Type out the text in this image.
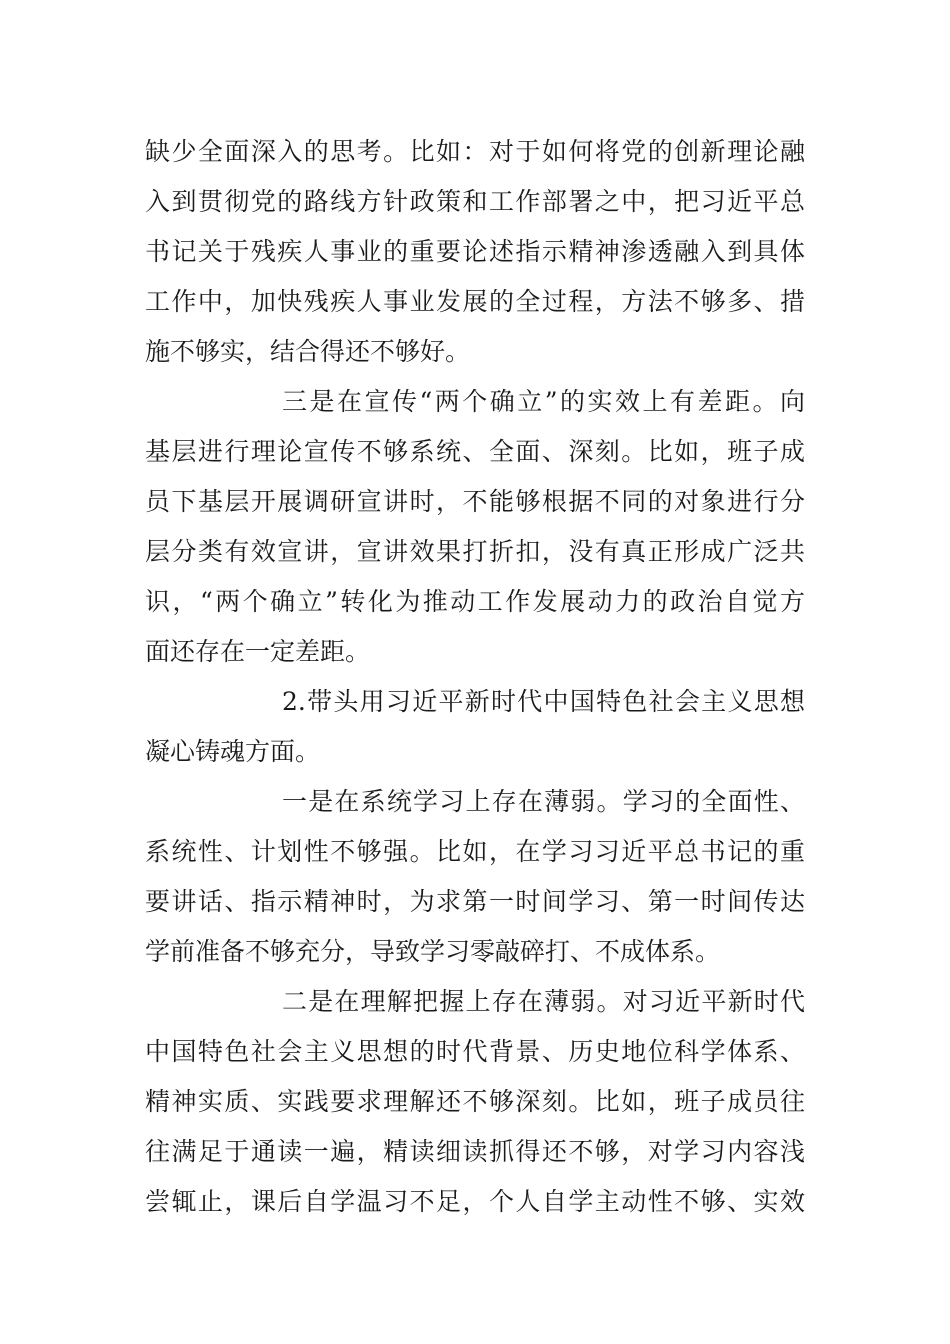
缺少全面深入的思考。比如：对于如何将党的创新理论融
入到贯彻党的路线方针政策和工作部署之中，把习近平总
书记关于残疾人事业的重要论述指示精神渗透融入到具体
工作中，加快残疾人事业发展的全过程，方法不够多、措
施不够实，结合得还不够好。
三是在宣传“两个确立”的实效上有差距。向
基层进行理论宣传不够系统、全面、深刻。比如，班子成
员下基层开展调研宣讲时，不能够根据不同的对象进行分
层分类有效宣讲，宣讲效果打折扣，没有真正形成广泛共
识，“两个确立”转化为推动工作发展动力的政治自觉方
面还存在一定差距。
2.带头用习近平新时代中国特色社会主义思想
凝心铸魂方面。
一是在系统学习上存在薄弱。学习的全面性、
系统性、计划性不够强。比如，在学习习近平总书记的重
要讲话、指示精神时，为求第一时间学习、第一时间传达
学前准备不够充分，导致学习零敲碎打、不成体系。
二是在理解把握上存在薄弱。对习近平新时代
中国特色社会主义思想的时代背景、历史地位科学体系、
精神实质、实践要求理解还不够深刻。比如，班子成员往
往满足于通读一遍，精读细读抓得还不够，对学习内容浅
尝辄止，课后自学温习不足，个人自学主动性不够、实效
